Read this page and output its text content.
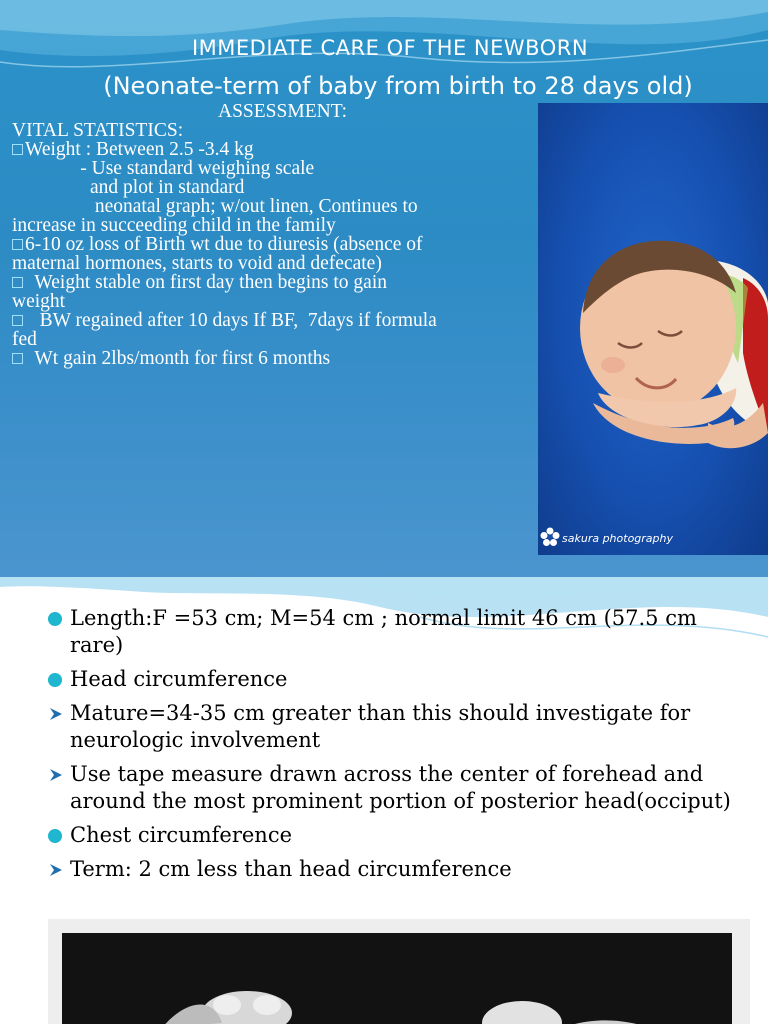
IMMEDIATE CARE OF THE NEWBORN
(Neonate-term of baby from birth to 28 days old)
ASSESSMENT:
VITAL STATISTICS:
Weight : Between 2.5 -3.4 kg
- Use standard weighing scale
and plot in standard
neonatal graph; w/out linen, Continues to
increase in succeeding child in the family
6-10 oz loss of Birth wt due to diuresis (absence of
maternal hormones, starts to void and defecate)
Weight stable on first day then begins to gain
weight
BW regained after 10 days If BF,  7days if formula
fed
Wt gain 2lbs/month for first 6 months
sakura photography
Length:F =53 cm; M=54 cm ; normal limit 46 cm (57.5 cm rare)
Head circumference
Mature=34-35 cm greater than this should investigate for neurologic involvement
Use tape measure drawn across the center of forehead and around the most prominent portion of posterior head(occiput)
Chest circumference
Term: 2 cm less than head circumference
